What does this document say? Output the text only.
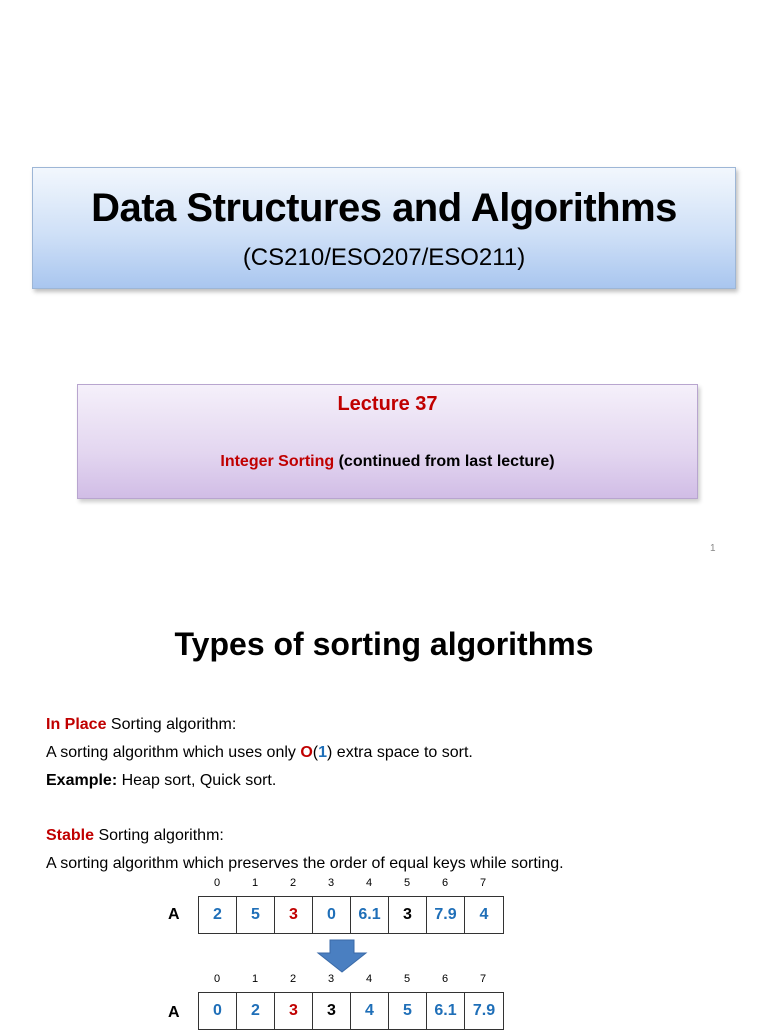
Data Structures and Algorithms
(CS210/ESO207/ESO211)
Lecture 37
Integer Sorting (continued from last lecture)
1
Types of sorting algorithms
In Place Sorting algorithm:
A sorting algorithm which uses only O(1) extra space to sort.
Example: Heap sort, Quick sort.
Stable Sorting algorithm:
A sorting algorithm which preserves the order of equal keys while sorting.
0	1	2	3	4	5	6	7
A	2	5	3	0	6.1	3	7.9	4
0	1	2	3	4	5	6	7
A	0	2	3	3	4	5	6.1	7.9
